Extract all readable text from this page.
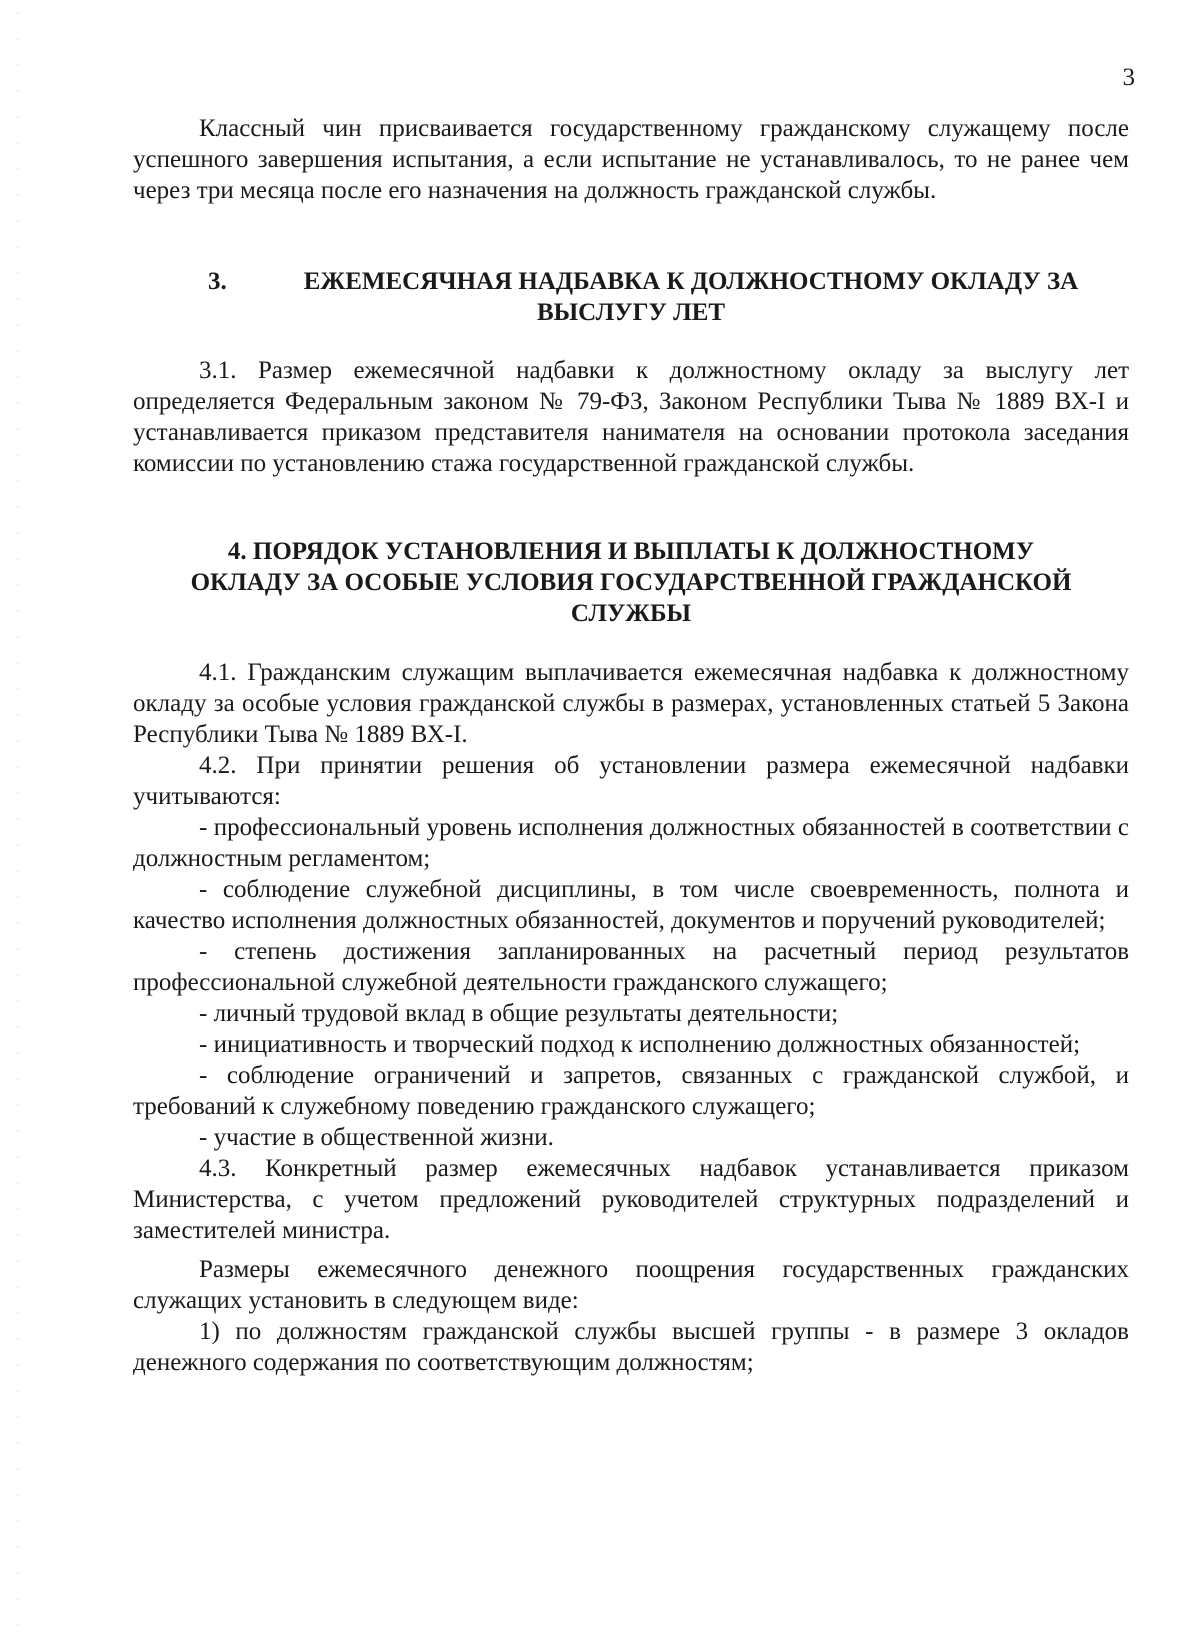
3

Классный чин присваивается государственному гражданскому служащему после успешного завершения испытания, а если испытание не устанавливалось, то не ранее чем через три месяца после его назначения на должность гражданской службы.

3.	ЕЖЕМЕСЯЧНАЯ НАДБАВКА К ДОЛЖНОСТНОМУ ОКЛАДУ ЗА
ВЫСЛУГУ ЛЕТ

3.1. Размер ежемесячной надбавки к должностному окладу за выслугу лет определяется Федеральным законом № 79-ФЗ, Законом Республики Тыва № 1889 ВХ-I и устанавливается приказом представителя нанимателя на основании протокола заседания комиссии по установлению стажа государственной гражданской службы.

4. ПОРЯДОК УСТАНОВЛЕНИЯ И ВЫПЛАТЫ К ДОЛЖНОСТНОМУ
ОКЛАДУ ЗА ОСОБЫЕ УСЛОВИЯ ГОСУДАРСТВЕННОЙ ГРАЖДАНСКОЙ
СЛУЖБЫ

4.1. Гражданским служащим выплачивается ежемесячная надбавка к должностному окладу за особые условия гражданской службы в размерах, установленных статьей 5 Закона Республики Тыва № 1889 ВХ-I.

4.2. При принятии решения об установлении размера ежемесячной надбавки учитываются:

- профессиональный уровень исполнения должностных обязанностей в соответствии с должностным регламентом;

- соблюдение служебной дисциплины, в том числе своевременность, полнота и качество исполнения должностных обязанностей, документов и поручений руководителей;

- степень достижения запланированных на расчетный период результатов профессиональной служебной деятельности гражданского служащего;

- личный трудовой вклад в общие результаты деятельности;

- инициативность и творческий подход к исполнению должностных обязанностей;

- соблюдение ограничений и запретов, связанных с гражданской службой, и требований к служебному поведению гражданского служащего;

- участие в общественной жизни.

4.3. Конкретный размер ежемесячных надбавок устанавливается приказом Министерства, с учетом предложений руководителей структурных подразделений и заместителей министра.

Размеры ежемесячного денежного поощрения государственных гражданских служащих установить в следующем виде:

1) по должностям гражданской службы высшей группы - в размере 3 окладов денежного содержания по соответствующим должностям;
